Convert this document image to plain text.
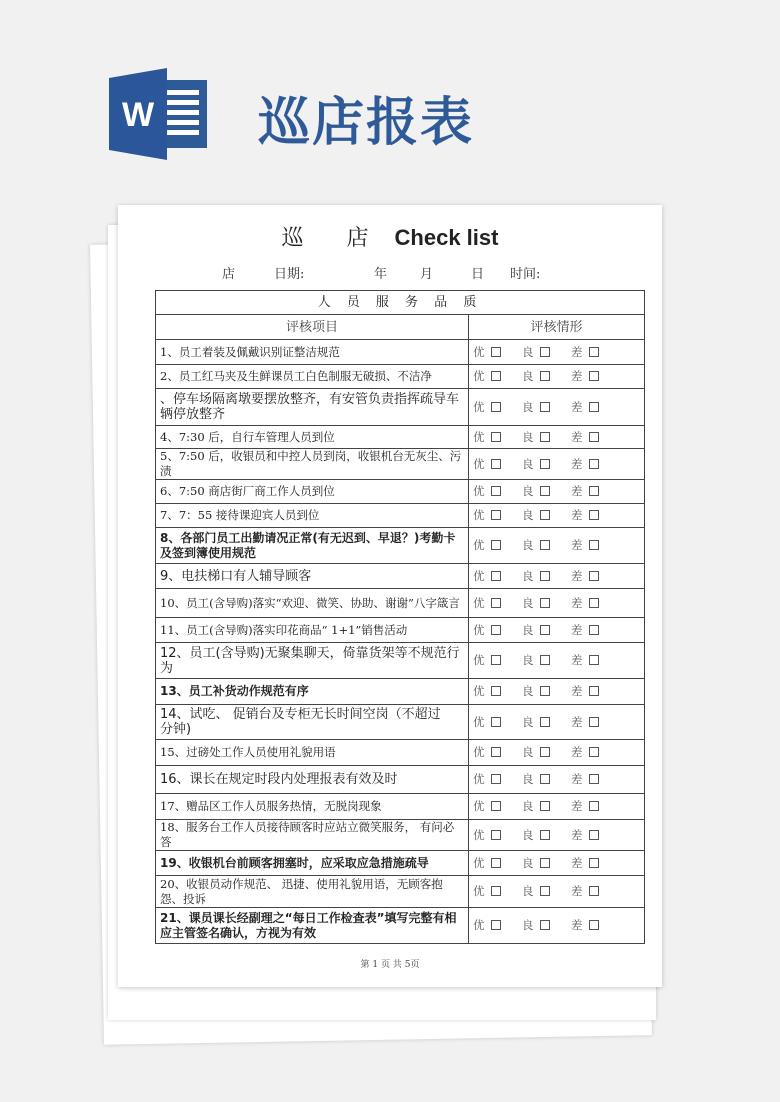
W 巡店报表
巡 店 Check list
店	日期:	年	月	日 时间:
人 员 服 务 品 质	
评核项目	评核情形
1、员工着装及佩戴识别证整洁规范	优 良 差
2、员工红马夹及生鲜课员工白色制服无破损、不洁净	优 良 差
、停车场隔离墩要摆放整齐，有安管负责指挥疏导车辆停放整齐	优 良 差
4、7:30 后，自行车管理人员到位	优 良 差
5、7:50 后，收银员和中控人员到岗，收银机台无灰尘、污渍	优 良 差
6、7:50 商店街厂商工作人员到位	优 良 差
7、7：55 接待课迎宾人员到位	优 良 差
8、各部门员工出勤请况正常(有无迟到、早退？)考勤卡及签到簿使用规范	优 良 差
9、电扶梯口有人辅导顾客	优 良 差
10、员工(含导购)落实“欢迎、微笑、协助、谢谢”八字箴言	优 良 差
11、员工(含导购)落实印花商品“ 1+1”销售活动	优 良 差
12、员工(含导购)无聚集聊天，倚靠货架等不规范行为	优 良 差
13、员工补货动作规范有序	优 良 差
14、试吃、 促销台及专柜无长时间空岗（不超过　　分钟)	优 良 差
15、过磅处工作人员使用礼貌用语	优 良 差
16、课长在规定时段内处理报表有效及时	优 良 差
17、赠品区工作人员服务热情，无脱岗现象	优 良 差
18、服务台工作人员接待顾客时应站立微笑服务， 有问必答	优 良 差
19、收银机台前顾客拥塞时，应采取应急措施疏导	优 良 差
20、收银员动作规范、 迅捷、使用礼貌用语，无顾客抱怨、投诉	优 良 差
21、课员课长经副理之“每日工作检查表”填写完整有相应主管签名确认，方视为有效	优 良 差
第 1 页 共 5页
